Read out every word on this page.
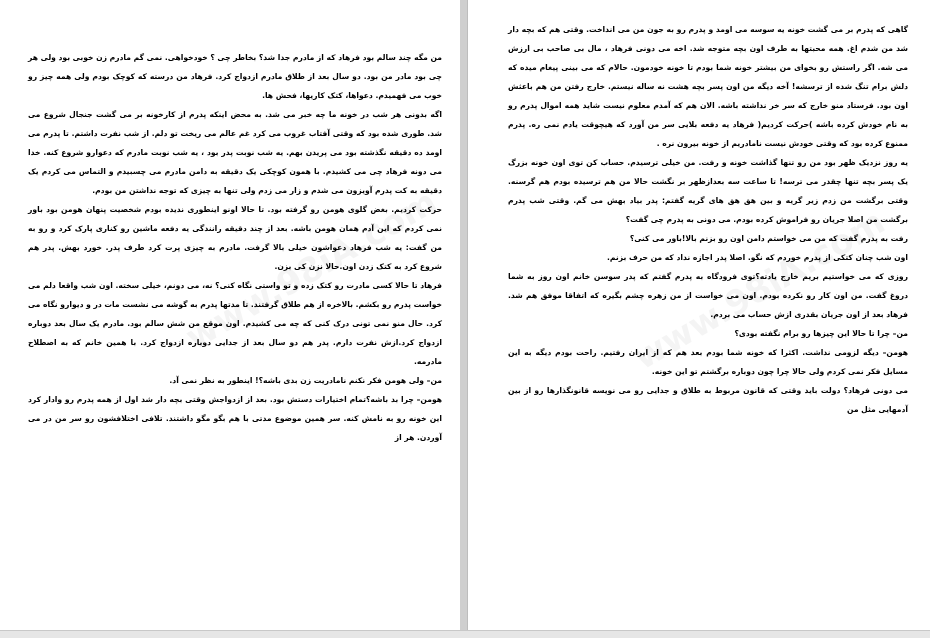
من مگه چند سالم بود فرهاد که از مادرم جدا شد؟ بخاطر چی ؟ خودخواهی. نمی گم مادرم زن خوبی بود ولی هر چی بود مادر من بود. دو سال بعد از طلاق مادرم ازدواج کرد. فرهاد من درسته که کوچک بودم ولی همه چیز رو خوب می فهمیدم. دعواها، کتک کاریها، فحش ها.

اگه بدونی هر شب در خونه ما چه خبر می شد. به محض اینکه پدرم از کارخونه بر می گشت جنجال شروع می شد. طوری شده بود که وقتی آفتاب غروب می کرد غم عالم می ریخت تو دلم. از شب نفرت داشتم. تا پدرم می اومد ده دقیقه نگذشته بود می پریدن بهم. یه شب نوبت پدر بود ، یه شب نوبت مادرم که دعوارو شروع کنه. خدا می دونه فرهاد چی می کشیدم. با همون کوچکی یک دقیقه به دامن مادرم می چسبیدم و التماس می کردم یک دقیقه به کت پدرم آویزون می شدم و زار می زدم ولی تنها به چیزی که توجه نداشتن من بودم.

حرکت کردیم. بغض گلوی هومن رو گرفته بود. تا حالا اونو اینطوری ندیده بودم شخصیت پنهان هومن بود باور نمی کردم که این آدم همان هومن باشه. بعد از چند دقیقه رانندگی یه دفعه ماشین رو کناری پارک کرد و رو به من گفت: یه شب فرهاد دعواشون خیلی بالا گرفت. مادرم به چیزی پرت کرد طرف پدر. خورد بهش. پدر هم شروع کرد به کتک زدن اون.حالا نزن کی بزن.

فرهاد تا حالا کسی مادرت رو کتک زده و تو واستی نگاه کنی؟ نه، می دونم، خیلی سخته. اون شب واقعا دلم می خواست پدرم رو بکشم. بالاخره از هم طلاق گرفتند. تا مدتها پدرم به گوشه می نشست مات در و دیوارو نگاه می کرد. حال منو نمی تونی درک کنی که چه می کشیدم. اون موقع من شش سالم بود. مادرم یک سال بعد دوباره ازدواج کرد.ازش نفرت دارم. پدر هم دو سال بعد از جدایی دوباره ازدواج کرد. با همین خانم که به اصطلاح مادرمه.

من– ولی هومن فکر نکنم نامادریت زن بدی باشه؟! اینطور به نظر نمی آد.

هومن– چرا بد باشه؟تمام اختیارات دستش بود. بعد از ازدواجش وقتی بچه دار شد اول از همه پدرم رو وادار کرد این خونه رو به نامش کنه. سر همین موضوع مدتی با هم بگو مگو داشتند. تلافی اختلافشون رو سر من در می آوردن. هر از

گاهی که پدرم بر می گشت خونه یه سوسه می اومد و پدرم رو به جون من می انداخت. وقتی هم که بچه دار شد من شدم اغ. همه محبتها به طرف اون بچه متوجه شد. اخه می دونی فرهاد ، مال بی صاحب بی ارزش می شه. اگر راستش رو بخوای من بیشتر خونه شما بودم تا خونه خودمون. حالام که می بینی پیغام میده که دلش برام تنگ شده از ترسشه! آخه دیگه من اون پسر بچه هشت نه ساله نیستم. خارج رفتن من هم باعثش اون بود. فرستاد منو خارج که سر خر نداشته باشه. الان هم که آمدم معلوم نیست شاید همه اموال پدرم رو به نام خودش کرده باشه )حرکت کردیم( فرهاد یه دفعه بلایی سر من آورد که هیچوقت یادم نمی ره. پدرم ممنوع کرده بود که وقتی خودش نیست نامادریم از خونه بیرون نره .

یه روز نزدیک ظهر بود من رو تنها گذاشت خونه و رفت. من خیلی ترسیدم. حساب کن توی اون خونه بزرگ یک پسر بچه تنها چقدر می ترسه! تا ساعت سه بعدازظهر بر نگشت حالا من هم ترسیده بودم هم گرسنه. وقتی برگشت من زدم زیر گریه و بین هق هق های گریه گفتم: پدر بیاد بهش می گم. وقتی شب پدرم برگشت من اصلا جریان رو فراموش کرده بودم. می دونی به پدرم چی گفت؟

رفت به پدرم گفت که من می خواستم دامن اون رو بزنم بالا!باور می کنی؟

اون شب چنان کتکی از پدرم خوردم که نگو. اصلا پدر اجازه نداد که من حرف بزنم.

روزی که می خواستیم بریم خارج یادته؟توی فرودگاه به پدرم گفتم که پدر سوسن خانم اون روز به شما دروغ گفت. من اون کار رو نکرده بودم. اون می خواست از من زهره چشم بگیره که اتفاقا موفق هم شد. فرهاد بعد از اون جریان بقدری ازش حساب می بردم.

من– چرا تا حالا این چیزها رو برام نگفته بودی؟

هومن– دیگه لزومی نداشت. اکثرا که خونه شما بودم بعد هم که از ایران رفتیم. راحت بودم دیگه به این مسایل فکر نمی کردم ولی حالا چرا چون دوباره برگشتم تو این خونه.

می دونی فرهاد؟ دولت باید وقتی که قانون مربوط به طلاق و جدایی رو می نویسه قانونگذارها رو از بین آدمهایی مثل من
